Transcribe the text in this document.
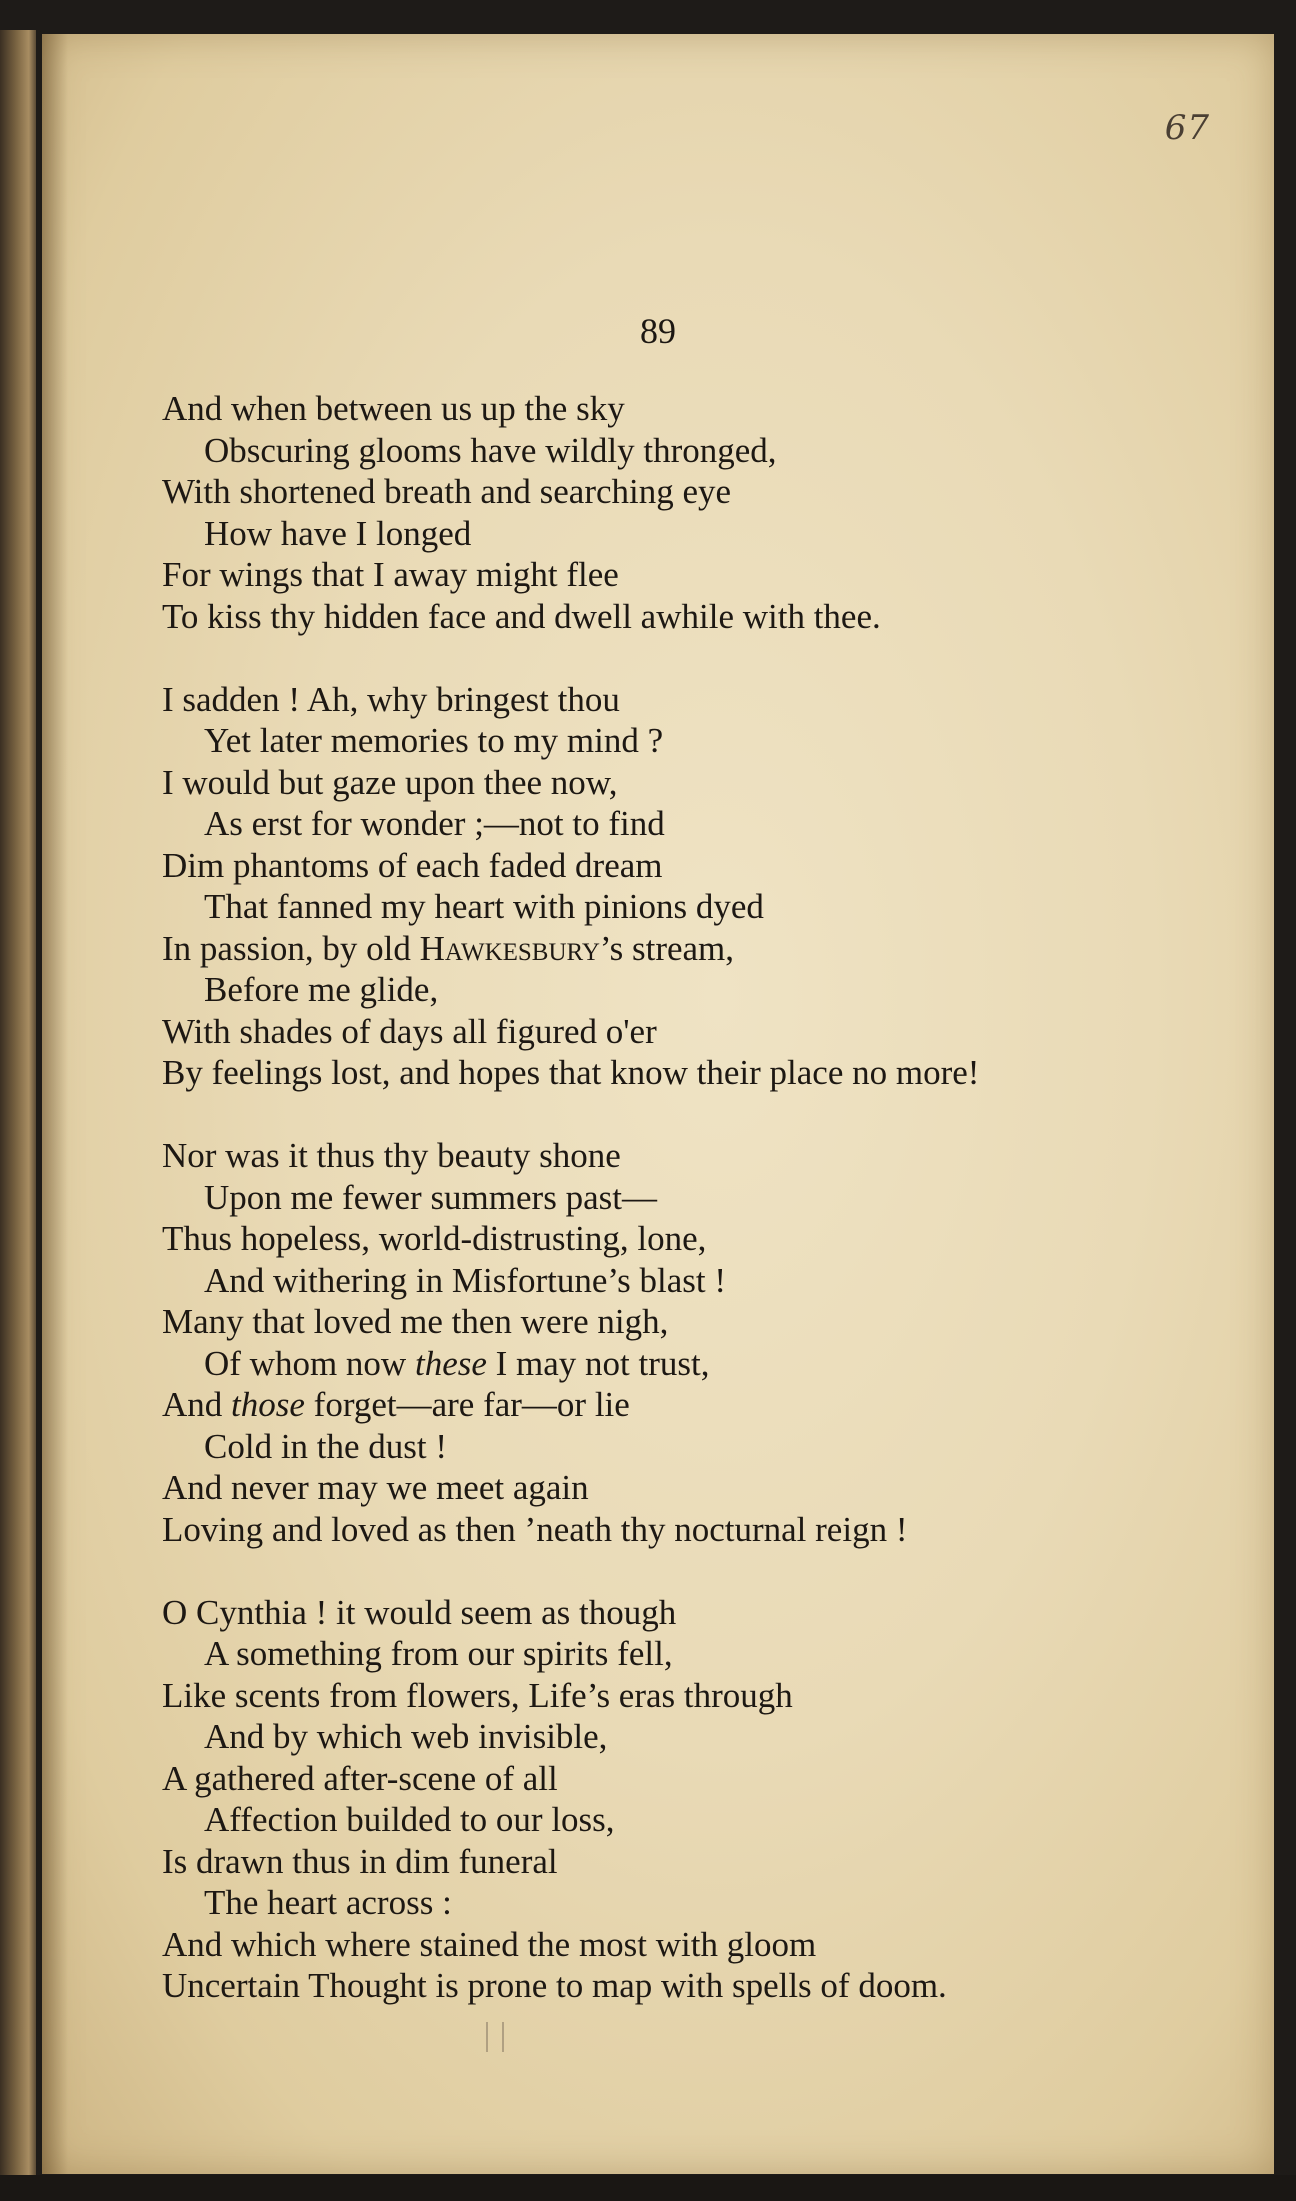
67
89
And when between us up the sky
Obscuring glooms have wildly thronged,
With shortened breath and searching eye
How have I longed
For wings that I away might flee
To kiss thy hidden face and dwell awhile with thee.
I sadden ! Ah, why bringest thou
Yet later memories to my mind ?
I would but gaze upon thee now,
As erst for wonder ;—not to find
Dim phantoms of each faded dream
That fanned my heart with pinions dyed
In passion, by old Hawkesbury’s stream,
Before me glide,
With shades of days all figured o'er
By feelings lost, and hopes that know their place no more!
Nor was it thus thy beauty shone
Upon me fewer summers past—
Thus hopeless, world-distrusting, lone,
And withering in Misfortune’s blast !
Many that loved me then were nigh,
Of whom now these I may not trust,
And those forget—are far—or lie
Cold in the dust !
And never may we meet again
Loving and loved as then ’neath thy nocturnal reign !
O Cynthia ! it would seem as though
A something from our spirits fell,
Like scents from flowers, Life’s eras through
And by which web invisible,
A gathered after-scene of all
Affection builded to our loss,
Is drawn thus in dim funeral
The heart across :
And which where stained the most with gloom
Uncertain Thought is prone to map with spells of doom.
